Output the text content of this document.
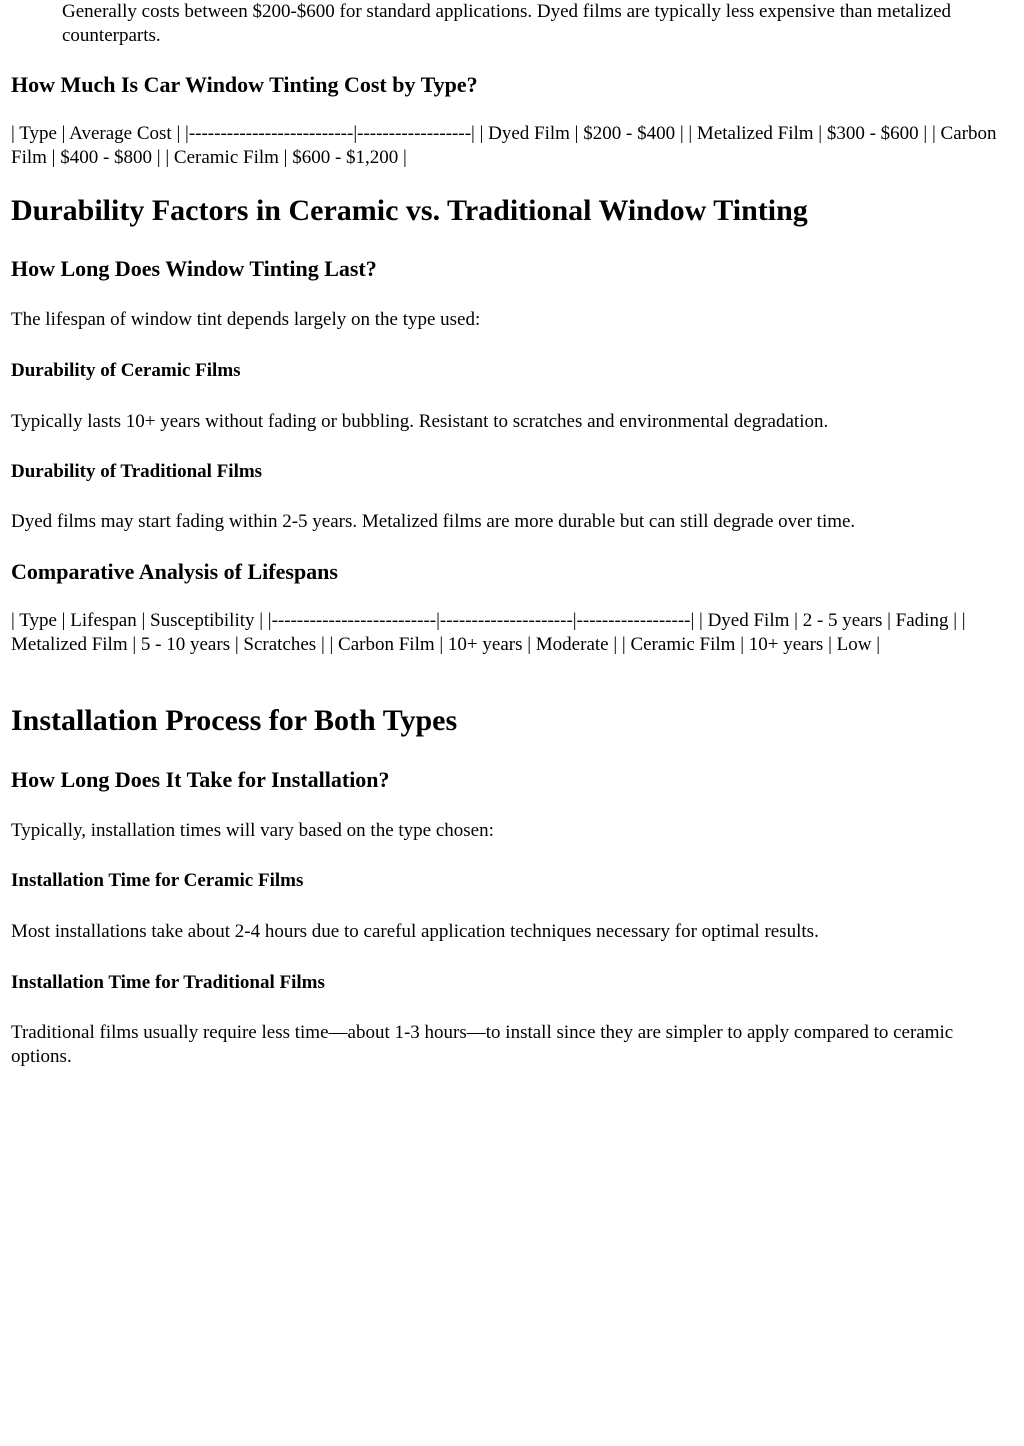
Generally costs between $200-$600 for standard applications. Dyed films are typically less expensive than metalized counterparts.

How Much Is Car Window Tinting Cost by Type?

| Type | Average Cost | |--------------------------|------------------| | Dyed Film | $200 - $400 | | Metalized Film | $300 - $600 | | Carbon Film | $400 - $800 | | Ceramic Film | $600 - $1,200 |

Durability Factors in Ceramic vs. Traditional Window Tinting
How Long Does Window Tinting Last?

The lifespan of window tint depends largely on the type used:

Durability of Ceramic Films

Typically lasts 10+ years without fading or bubbling. Resistant to scratches and environmental degradation.

Durability of Traditional Films

Dyed films may start fading within 2-5 years. Metalized films are more durable but can still degrade over time.

Comparative Analysis of Lifespans

| Type | Lifespan | Susceptibility | |--------------------------|---------------------|------------------| | Dyed Film | 2 - 5 years | Fading | | Metalized Film | 5 - 10 years | Scratches | | Carbon Film | 10+ years | Moderate | | Ceramic Film | 10+ years | Low |

Installation Process for Both Types
How Long Does It Take for Installation?

Typically, installation times will vary based on the type chosen:

Installation Time for Ceramic Films

Most installations take about 2-4 hours due to careful application techniques necessary for optimal results.

Installation Time for Traditional Films

Traditional films usually require less time—about 1-3 hours—to install since they are simpler to apply compared to ceramic options.
